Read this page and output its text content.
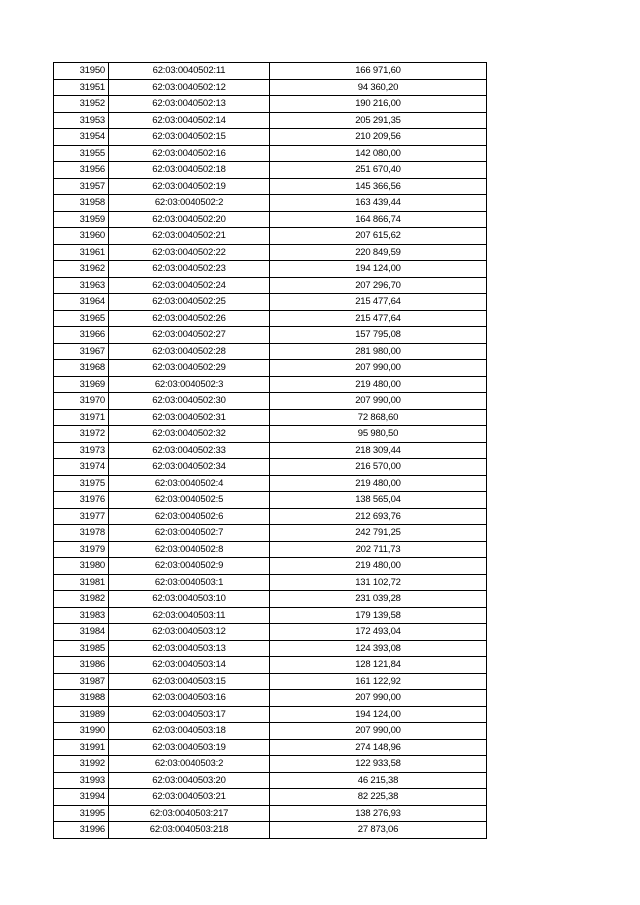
31950	62:03:0040502:11	166 971,60
31951	62:03:0040502:12	94 360,20
31952	62:03:0040502:13	190 216,00
31953	62:03:0040502:14	205 291,35
31954	62:03:0040502:15	210 209,56
31955	62:03:0040502:16	142 080,00
31956	62:03:0040502:18	251 670,40
31957	62:03:0040502:19	145 366,56
31958	62:03:0040502:2	163 439,44
31959	62:03:0040502:20	164 866,74
31960	62:03:0040502:21	207 615,62
31961	62:03:0040502:22	220 849,59
31962	62:03:0040502:23	194 124,00
31963	62:03:0040502:24	207 296,70
31964	62:03:0040502:25	215 477,64
31965	62:03:0040502:26	215 477,64
31966	62:03:0040502:27	157 795,08
31967	62:03:0040502:28	281 980,00
31968	62:03:0040502:29	207 990,00
31969	62:03:0040502:3	219 480,00
31970	62:03:0040502:30	207 990,00
31971	62:03:0040502:31	72 868,60
31972	62:03:0040502:32	95 980,50
31973	62:03:0040502:33	218 309,44
31974	62:03:0040502:34	216 570,00
31975	62:03:0040502:4	219 480,00
31976	62:03:0040502:5	138 565,04
31977	62:03:0040502:6	212 693,76
31978	62:03:0040502:7	242 791,25
31979	62:03:0040502:8	202 711,73
31980	62:03:0040502:9	219 480,00
31981	62:03:0040503:1	131 102,72
31982	62:03:0040503:10	231 039,28
31983	62:03:0040503:11	179 139,58
31984	62:03:0040503:12	172 493,04
31985	62:03:0040503:13	124 393,08
31986	62:03:0040503:14	128 121,84
31987	62:03:0040503:15	161 122,92
31988	62:03:0040503:16	207 990,00
31989	62:03:0040503:17	194 124,00
31990	62:03:0040503:18	207 990,00
31991	62:03:0040503:19	274 148,96
31992	62:03:0040503:2	122 933,58
31993	62:03:0040503:20	46 215,38
31994	62:03:0040503:21	82 225,38
31995	62:03:0040503:217	138 276,93
31996	62:03:0040503:218	27 873,06
